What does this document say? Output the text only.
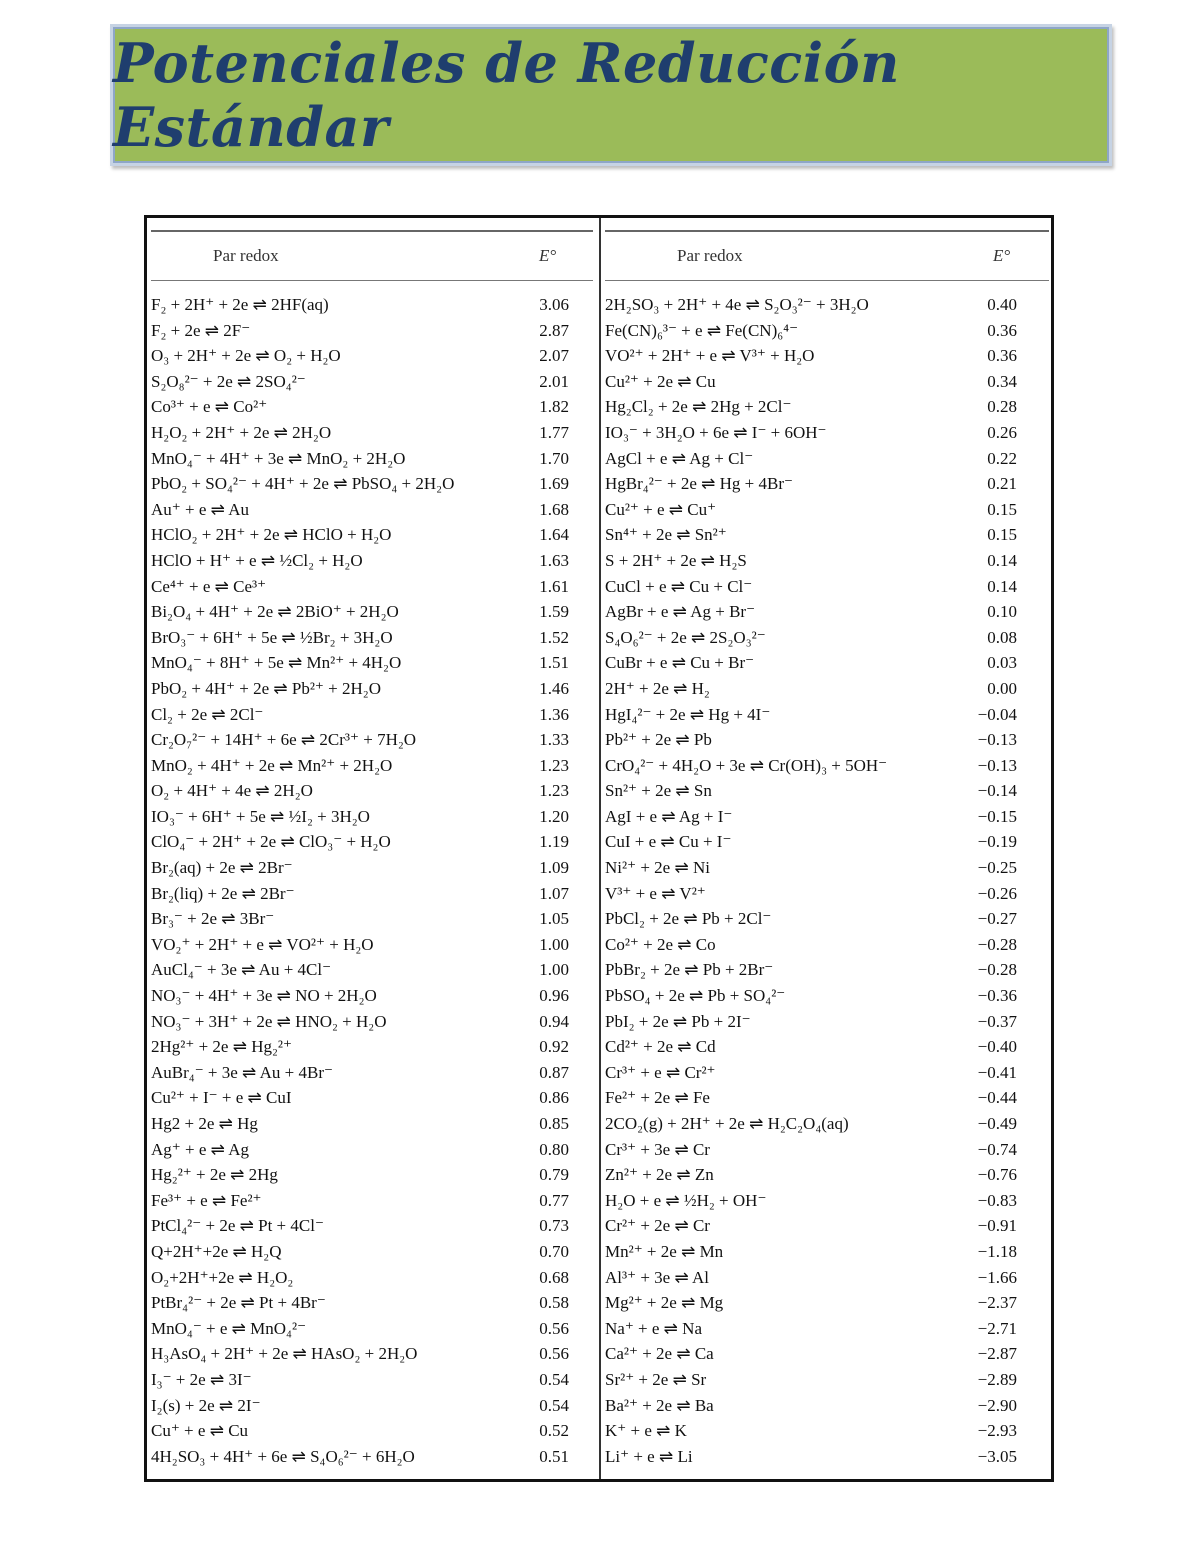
Potenciales de Reducción Estándar
Par redox	E°
F₂ + 2H⁺ + 2e ⇌ 2HF(aq)	3.06
F₂ + 2e ⇌ 2F⁻	2.87
O₃ + 2H⁺ + 2e ⇌ O₂ + H₂O	2.07
S₂O₈²⁻ + 2e ⇌ 2SO₄²⁻	2.01
Co³⁺ + e ⇌ Co²⁺	1.82
H₂O₂ + 2H⁺ + 2e ⇌ 2H₂O	1.77
MnO₄⁻ + 4H⁺ + 3e ⇌ MnO₂ + 2H₂O	1.70
PbO₂ + SO₄²⁻ + 4H⁺ + 2e ⇌ PbSO₄ + 2H₂O	1.69
Au⁺ + e ⇌ Au	1.68
HClO₂ + 2H⁺ + 2e ⇌ HClO + H₂O	1.64
HClO + H⁺ + e ⇌ ½Cl₂ + H₂O	1.63
Ce⁴⁺ + e ⇌ Ce³⁺	1.61
Bi₂O₄ + 4H⁺ + 2e ⇌ 2BiO⁺ + 2H₂O	1.59
BrO₃⁻ + 6H⁺ + 5e ⇌ ½Br₂ + 3H₂O	1.52
MnO₄⁻ + 8H⁺ + 5e ⇌ Mn²⁺ + 4H₂O	1.51
PbO₂ + 4H⁺ + 2e ⇌ Pb²⁺ + 2H₂O	1.46
Cl₂ + 2e ⇌ 2Cl⁻	1.36
Cr₂O₇²⁻ + 14H⁺ + 6e ⇌ 2Cr³⁺ + 7H₂O	1.33
MnO₂ + 4H⁺ + 2e ⇌ Mn²⁺ + 2H₂O	1.23
O₂ + 4H⁺ + 4e ⇌ 2H₂O	1.23
IO₃⁻ + 6H⁺ + 5e ⇌ ½I₂ + 3H₂O	1.20
ClO₄⁻ + 2H⁺ + 2e ⇌ ClO₃⁻ + H₂O	1.19
Br₂(aq) + 2e ⇌ 2Br⁻	1.09
Br₂(liq) + 2e ⇌ 2Br⁻	1.07
Br₃⁻ + 2e ⇌ 3Br⁻	1.05
VO₂⁺ + 2H⁺ + e ⇌ VO²⁺ + H₂O	1.00
AuCl₄⁻ + 3e ⇌ Au + 4Cl⁻	1.00
NO₃⁻ + 4H⁺ + 3e ⇌ NO + 2H₂O	0.96
NO₃⁻ + 3H⁺ + 2e ⇌ HNO₂ + H₂O	0.94
2Hg²⁺ + 2e ⇌ Hg₂²⁺	0.92
AuBr₄⁻ + 3e ⇌ Au + 4Br⁻	0.87
Cu²⁺ + I⁻ + e ⇌ CuI	0.86
Hg2 + 2e ⇌ Hg	0.85
Ag⁺ + e ⇌ Ag	0.80
Hg₂²⁺ + 2e ⇌ 2Hg	0.79
Fe³⁺ + e ⇌ Fe²⁺	0.77
PtCl₄²⁻ + 2e ⇌ Pt + 4Cl⁻	0.73
Q+2H⁺+2e ⇌ H₂Q	0.70
O₂+2H⁺+2e ⇌ H₂O₂	0.68
PtBr₄²⁻ + 2e ⇌ Pt + 4Br⁻	0.58
MnO₄⁻ + e ⇌ MnO₄²⁻	0.56
H₃AsO₄ + 2H⁺ + 2e ⇌ HAsO₂ + 2H₂O	0.56
I₃⁻ + 2e ⇌ 3I⁻	0.54
I₂(s) + 2e ⇌ 2I⁻	0.54
Cu⁺ + e ⇌ Cu	0.52
4H₂SO₃ + 4H⁺ + 6e ⇌ S₄O₆²⁻ + 6H₂O	0.51
Par redox	E°
2H₂SO₃ + 2H⁺ + 4e ⇌ S₂O₃²⁻ + 3H₂O	0.40
Fe(CN)₆³⁻ + e ⇌ Fe(CN)₆⁴⁻	0.36
VO²⁺ + 2H⁺ + e ⇌ V³⁺ + H₂O	0.36
Cu²⁺ + 2e ⇌ Cu	0.34
Hg₂Cl₂ + 2e ⇌ 2Hg + 2Cl⁻	0.28
IO₃⁻ + 3H₂O + 6e ⇌ I⁻ + 6OH⁻	0.26
AgCl + e ⇌ Ag + Cl⁻	0.22
HgBr₄²⁻ + 2e ⇌ Hg + 4Br⁻	0.21
Cu²⁺ + e ⇌ Cu⁺	0.15
Sn⁴⁺ + 2e ⇌ Sn²⁺	0.15
S + 2H⁺ + 2e ⇌ H₂S	0.14
CuCl + e ⇌ Cu + Cl⁻	0.14
AgBr + e ⇌ Ag + Br⁻	0.10
S₄O₆²⁻ + 2e ⇌ 2S₂O₃²⁻	0.08
CuBr + e ⇌ Cu + Br⁻	0.03
2H⁺ + 2e ⇌ H₂	0.00
HgI₄²⁻ + 2e ⇌ Hg + 4I⁻	−0.04
Pb²⁺ + 2e ⇌ Pb	−0.13
CrO₄²⁻ + 4H₂O + 3e ⇌ Cr(OH)₃ + 5OH⁻	−0.13
Sn²⁺ + 2e ⇌ Sn	−0.14
AgI + e ⇌ Ag + I⁻	−0.15
CuI + e ⇌ Cu + I⁻	−0.19
Ni²⁺ + 2e ⇌ Ni	−0.25
V³⁺ + e ⇌ V²⁺	−0.26
PbCl₂ + 2e ⇌ Pb + 2Cl⁻	−0.27
Co²⁺ + 2e ⇌ Co	−0.28
PbBr₂ + 2e ⇌ Pb + 2Br⁻	−0.28
PbSO₄ + 2e ⇌ Pb + SO₄²⁻	−0.36
PbI₂ + 2e ⇌ Pb + 2I⁻	−0.37
Cd²⁺ + 2e ⇌ Cd	−0.40
Cr³⁺ + e ⇌ Cr²⁺	−0.41
Fe²⁺ + 2e ⇌ Fe	−0.44
2CO₂(g) + 2H⁺ + 2e ⇌ H₂C₂O₄(aq)	−0.49
Cr³⁺ + 3e ⇌ Cr	−0.74
Zn²⁺ + 2e ⇌ Zn	−0.76
H₂O + e ⇌ ½H₂ + OH⁻	−0.83
Cr²⁺ + 2e ⇌ Cr	−0.91
Mn²⁺ + 2e ⇌ Mn	−1.18
Al³⁺ + 3e ⇌ Al	−1.66
Mg²⁺ + 2e ⇌ Mg	−2.37
Na⁺ + e ⇌ Na	−2.71
Ca²⁺ + 2e ⇌ Ca	−2.87
Sr²⁺ + 2e ⇌ Sr	−2.89
Ba²⁺ + 2e ⇌ Ba	−2.90
K⁺ + e ⇌ K	−2.93
Li⁺ + e ⇌ Li	−3.05
